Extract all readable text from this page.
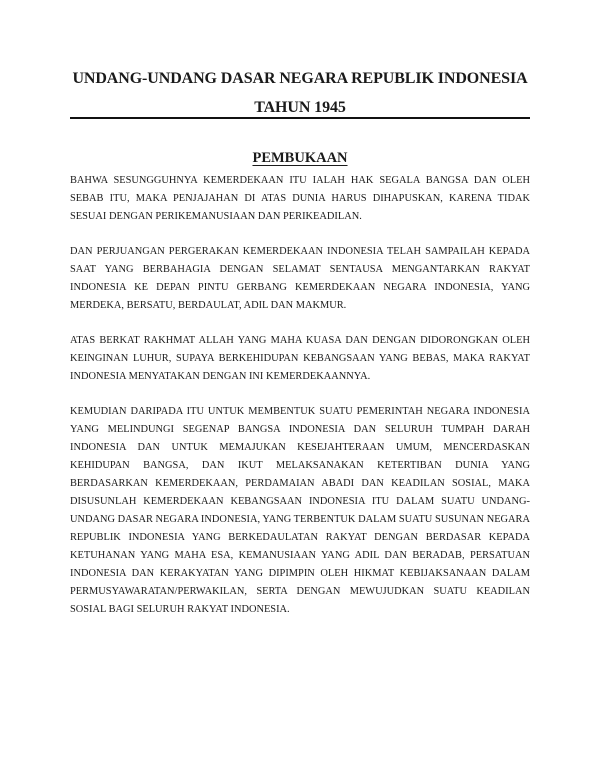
UNDANG-UNDANG DASAR NEGARA REPUBLIK INDONESIA
TAHUN 1945
PEMBUKAAN
BAHWA SESUNGGUHNYA KEMERDEKAAN ITU IALAH HAK SEGALA BANGSA DAN OLEH
SEBAB ITU, MAKA PENJAJAHAN DI ATAS DUNIA HARUS DIHAPUSKAN, KARENA TIDAK
SESUAI DENGAN PERIKEMANUSIAAN DAN PERIKEADILAN.
DAN PERJUANGAN PERGERAKAN KEMERDEKAAN INDONESIA TELAH SAMPAILAH KEPADA
SAAT YANG BERBAHAGIA DENGAN SELAMAT SENTAUSA MENGANTARKAN RAKYAT
INDONESIA KE DEPAN PINTU GERBANG KEMERDEKAAN NEGARA INDONESIA, YANG
MERDEKA, BERSATU, BERDAULAT, ADIL DAN MAKMUR.
ATAS BERKAT RAKHMAT ALLAH YANG MAHA KUASA DAN DENGAN DIDORONGKAN OLEH
KEINGINAN LUHUR, SUPAYA BERKEHIDUPAN KEBANGSAAN YANG BEBAS, MAKA RAKYAT
INDONESIA MENYATAKAN DENGAN INI KEMERDEKAANNYA.
KEMUDIAN DARIPADA ITU UNTUK MEMBENTUK SUATU PEMERINTAH NEGARA INDONESIA
YANG MELINDUNGI SEGENAP BANGSA INDONESIA DAN SELURUH TUMPAH DARAH
INDONESIA DAN UNTUK MEMAJUKAN KESEJAHTERAAN UMUM, MENCERDASKAN
KEHIDUPAN BANGSA, DAN IKUT MELAKSANAKAN KETERTIBAN DUNIA YANG
BERDASARKAN KEMERDEKAAN, PERDAMAIAN ABADI DAN KEADILAN SOSIAL, MAKA
DISUSUNLAH KEMERDEKAAN KEBANGSAAN INDONESIA ITU DALAM SUATU UNDANG-
UNDANG DASAR NEGARA INDONESIA, YANG TERBENTUK DALAM SUATU SUSUNAN NEGARA
REPUBLIK INDONESIA YANG BERKEDAULATAN RAKYAT DENGAN BERDASAR KEPADA
KETUHANAN YANG MAHA ESA, KEMANUSIAAN YANG ADIL DAN BERADAB, PERSATUAN
INDONESIA DAN KERAKYATAN YANG DIPIMPIN OLEH HIKMAT KEBIJAKSANAAN DALAM
PERMUSYAWARATAN/PERWAKILAN, SERTA DENGAN MEWUJUDKAN SUATU KEADILAN
SOSIAL BAGI SELURUH RAKYAT INDONESIA.
